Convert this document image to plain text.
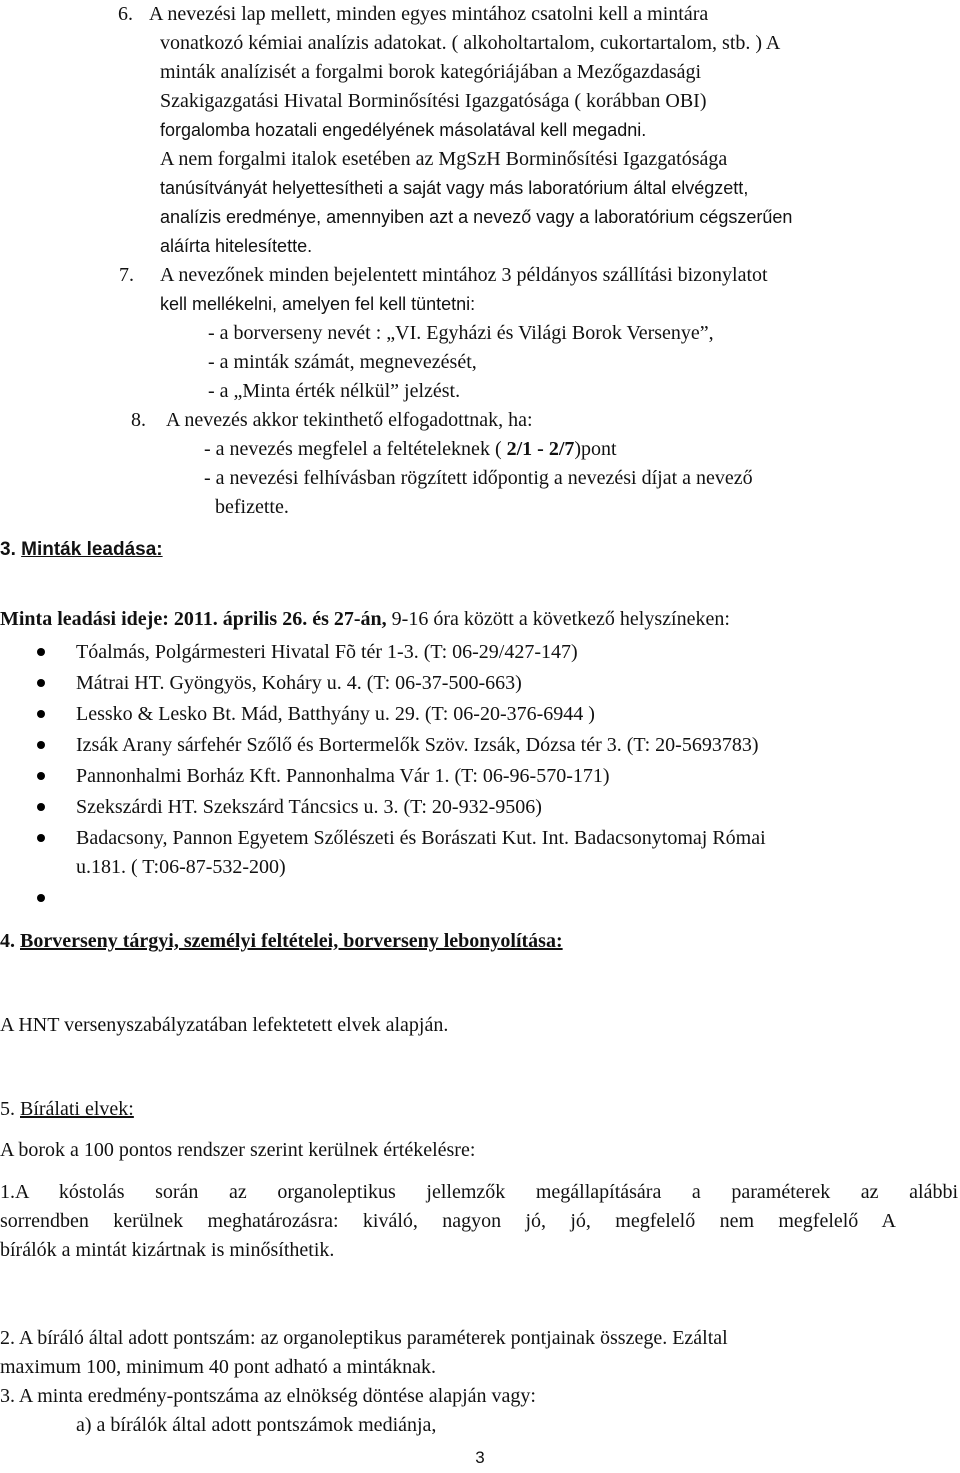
6. A nevezési lap mellett, minden egyes mintához csatolni kell a mintára
vonatkozó kémiai analízis adatokat. ( alkoholtartalom, cukortartalom, stb. ) A
minták analízisét a forgalmi borok kategóriájában a Mezőgazdasági
Szakigazgatási Hivatal Borminősítési Igazgatósága ( korábban OBI)
forgalomba hozatali engedélyének másolatával kell megadni.
A nem forgalmi italok esetében az MgSzH Borminősítési Igazgatósága
tanúsítványát helyettesítheti a saját vagy más laboratórium által elvégzett,
analízis eredménye, amennyiben azt a nevező vagy a laboratórium cégszerűen
aláírta hitelesítette.
7. A nevezőnek minden bejelentett mintához 3 példányos szállítási bizonylatot
kell mellékelni, amelyen fel kell tüntetni:
- a borverseny nevét : „VI. Egyházi és Világi Borok Versenye”,
- a minták számát, megnevezését,
- a „Minta érték nélkül” jelzést.
8. A nevezés akkor tekinthető elfogadottnak, ha:
- a nevezés megfelel a feltételeknek ( 2/1 - 2/7)pont
- a nevezési felhívásban rögzített időpontig a nevezési díjat a nevező
befizette.
3. Minták leadása:
Minta leadási ideje: 2011. április 26. és 27-án, 9-16 óra között a következő helyszíneken:
Tóalmás, Polgármesteri Hivatal Fõ tér 1-3. (T: 06-29/427-147)
Mátrai HT. Gyöngyös, Koháry u. 4. (T: 06-37-500-663)
Lessko & Lesko Bt. Mád, Batthyány u. 29. (T: 06-20-376-6944 )
Izsák Arany sárfehér Szőlő és Bortermelők Szöv. Izsák, Dózsa tér 3. (T: 20-5693783)
Pannonhalmi Borház Kft. Pannonhalma Vár 1. (T: 06-96-570-171)
Szekszárdi HT. Szekszárd Táncsics u. 3. (T: 20-932-9506)
Badacsony, Pannon Egyetem Szőlészeti és Borászati Kut. Int. Badacsonytomaj Római
u.181. ( T:06-87-532-200)
4. Borverseny tárgyi, személyi feltételei, borverseny lebonyolítása:
A HNT versenyszabályzatában lefektetett elvek alapján.
5. Bírálati elvek:
A borok a 100 pontos rendszer szerint kerülnek értékelésre:
1.A kóstolás során az organoleptikus jellemzők megállapítására a paraméterek az alábbi
sorrendben kerülnek meghatározásra: kiváló, nagyon jó, jó, megfelelő nem megfelelő A
bírálók a mintát kizártnak is minősíthetik.
2. A bíráló által adott pontszám: az organoleptikus paraméterek pontjainak összege. Ezáltal
maximum 100, minimum 40 pont adható a mintáknak.
3. A minta eredmény-pontszáma az elnökség döntése alapján vagy:
a) a bírálók által adott pontszámok mediánja,
3
